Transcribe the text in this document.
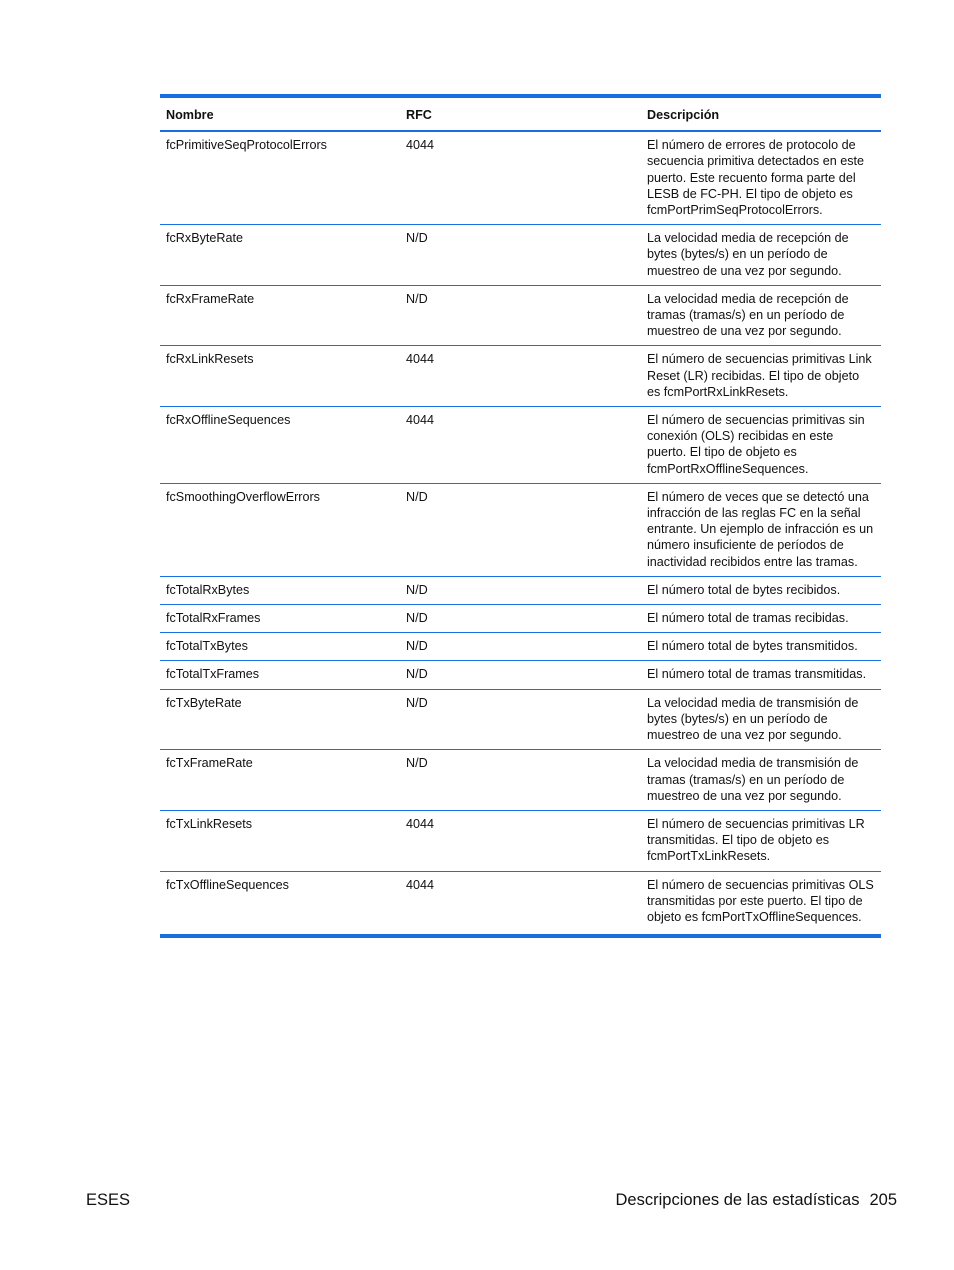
Nombre	RFC	Descripción
fcPrimitiveSeqProtocolErrors	4044	El número de errores de protocolo de secuencia primitiva detectados en este puerto. Este recuento forma parte del LESB de FC-PH. El tipo de objeto es fcmPortPrimSeqProtocolErrors.
fcRxByteRate	N/D	La velocidad media de recepción de bytes (bytes/s) en un período de muestreo de una vez por segundo.
fcRxFrameRate	N/D	La velocidad media de recepción de tramas (tramas/s) en un período de muestreo de una vez por segundo.
fcRxLinkResets	4044	El número de secuencias primitivas Link Reset (LR) recibidas. El tipo de objeto es fcmPortRxLinkResets.
fcRxOfflineSequences	4044	El número de secuencias primitivas sin conexión (OLS) recibidas en este puerto. El tipo de objeto es fcmPortRxOfflineSequences.
fcSmoothingOverflowErrors	N/D	El número de veces que se detectó una infracción de las reglas FC en la señal entrante. Un ejemplo de infracción es un número insuficiente de períodos de inactividad recibidos entre las tramas.
fcTotalRxBytes	N/D	El número total de bytes recibidos.
fcTotalRxFrames	N/D	El número total de tramas recibidas.
fcTotalTxBytes	N/D	El número total de bytes transmitidos.
fcTotalTxFrames	N/D	El número total de tramas transmitidas.
fcTxByteRate	N/D	La velocidad media de transmisión de bytes (bytes/s) en un período de muestreo de una vez por segundo.
fcTxFrameRate	N/D	La velocidad media de transmisión de tramas (tramas/s) en un período de muestreo de una vez por segundo.
fcTxLinkResets	4044	El número de secuencias primitivas LR transmitidas. El tipo de objeto es fcmPortTxLinkResets.
fcTxOfflineSequences	4044	El número de secuencias primitivas OLS transmitidas por este puerto. El tipo de objeto es fcmPortTxOfflineSequences.
ESES	Descripciones de las estadísticas 205
